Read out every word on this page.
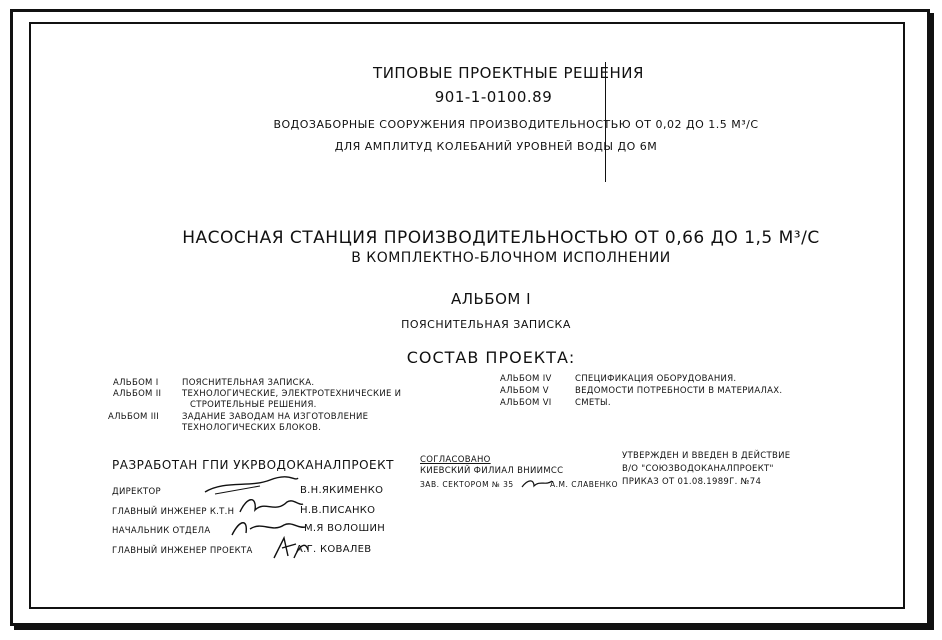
ТИПОВЫЕ ПРОЕКТНЫЕ РЕШЕНИЯ
901-1-0100.89
ВОДОЗАБОРНЫЕ СООРУЖЕНИЯ ПРОИЗВОДИТЕЛЬНОСТЬЮ ОТ 0,02 ДО 1.5 М³/С
ДЛЯ АМПЛИТУД КОЛЕБАНИЙ УРОВНЕЙ ВОДЫ ДО 6М
НАСОСНАЯ СТАНЦИЯ ПРОИЗВОДИТЕЛЬНОСТЬЮ ОТ 0,66 ДО 1,5 М³/С
В КОМПЛЕКТНО-БЛОЧНОМ ИСПОЛНЕНИИ
АЛЬБОМ I
ПОЯСНИТЕЛЬНАЯ ЗАПИСКА
СОСТАВ ПРОЕКТА:
АЛЬБОМ I	ПОЯСНИТЕЛЬНАЯ ЗАПИСКА.
АЛЬБОМ II ТЕХНОЛОГИЧЕСКИЕ, ЭЛЕКТРОТЕХНИЧЕСКИЕ И
СТРОИТЕЛЬНЫЕ РЕШЕНИЯ.
АЛЬБОМ III	ЗАДАНИЕ ЗАВОДАМ НА ИЗГОТОВЛЕНИЕ
ТЕХНОЛОГИЧЕСКИХ БЛОКОВ.
АЛЬБОМ IV	СПЕЦИФИКАЦИЯ ОБОРУДОВАНИЯ.
АЛЬБОМ V	ВЕДОМОСТИ ПОТРЕБНОСТИ В МАТЕРИАЛАХ.
АЛЬБОМ VI	СМЕТЫ.
РАЗРАБОТАН ГПИ УКРВОДОКАНАЛПРОЕКТ
ДИРЕКТОР	В.Н.ЯКИМЕНКО
ГЛАВНЫЙ ИНЖЕНЕР К.Т.Н	Н.В.ПИСАНКО
НАЧАЛЬНИК ОТДЕЛА	М.Я ВОЛОШИН
ГЛАВНЫЙ ИНЖЕНЕР ПРОЕКТА	А.Г. КОВАЛЕВ
СОГЛАСОВАНО
КИЕВСКИЙ ФИЛИАЛ ВНИИМСС
ЗАВ. СЕКТОРОМ № 35	А.М. СЛАВЕНКО
УТВЕРЖДЕН И ВВЕДЕН В ДЕЙСТВИЕ
В/О "СОЮЗВОДОКАНАЛПРОЕКТ"
ПРИКАЗ ОТ 01.08.1989Г. №74
